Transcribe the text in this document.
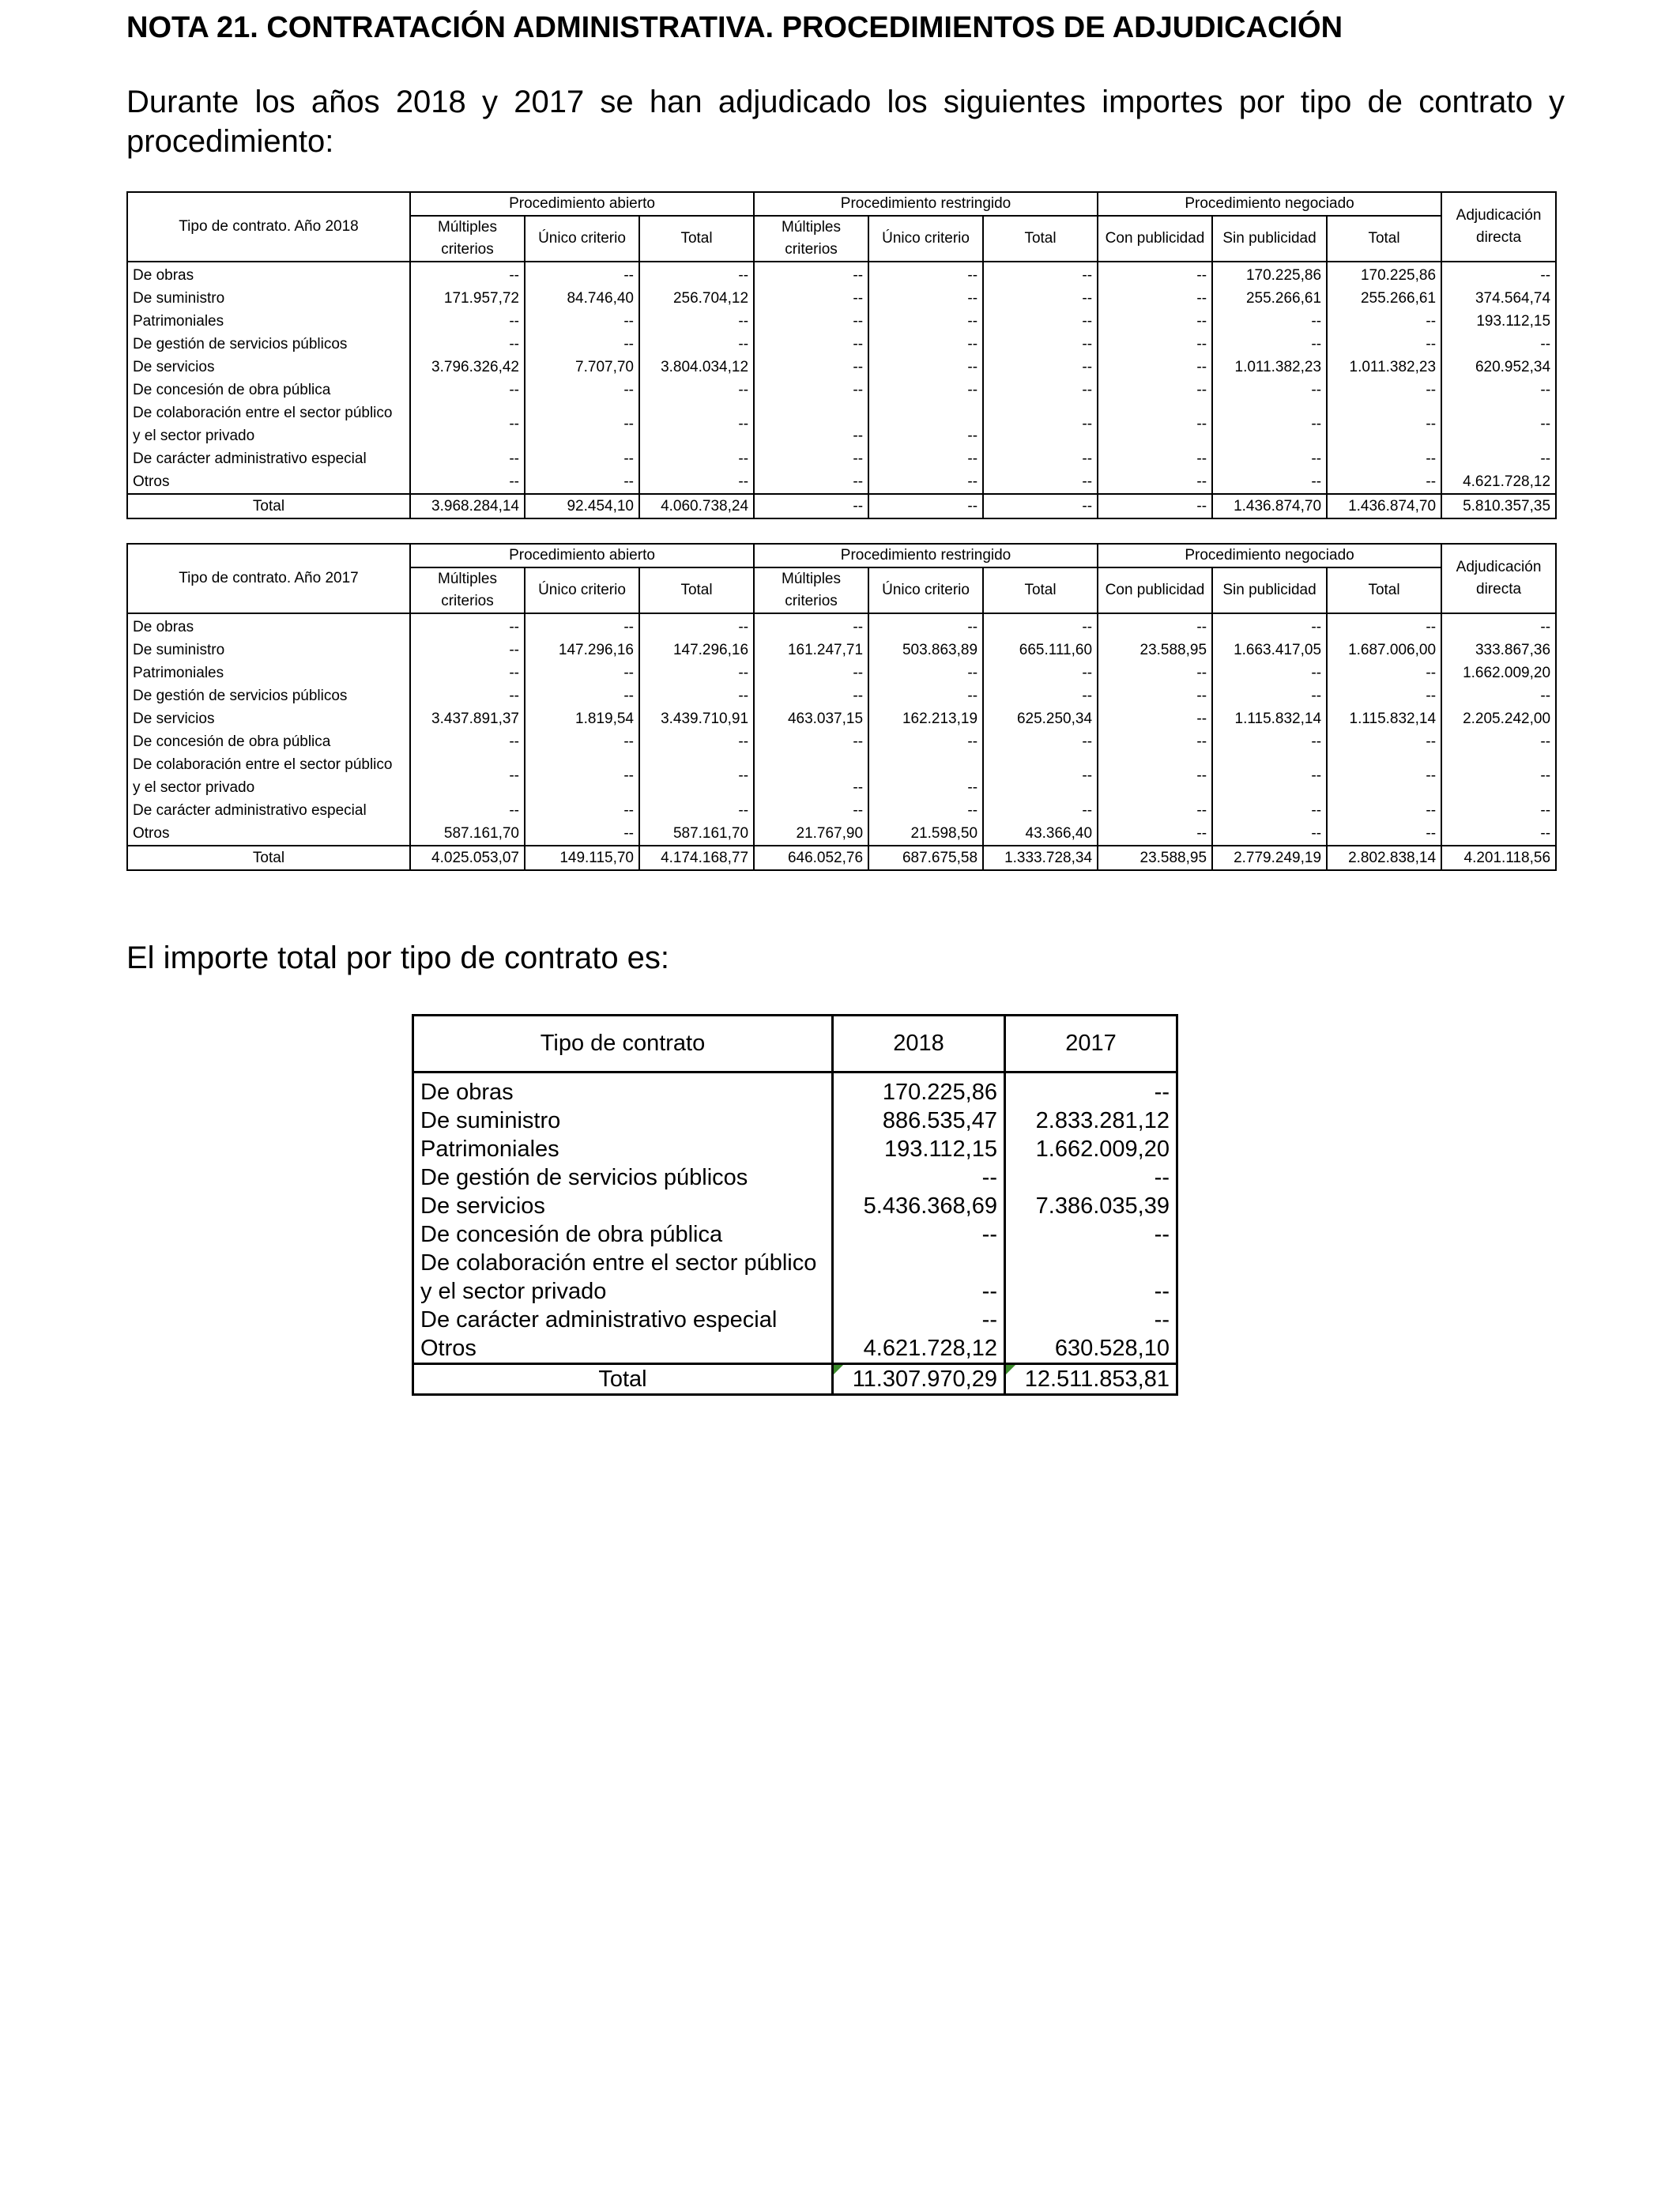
NOTA 21. CONTRATACIÓN ADMINISTRATIVA. PROCEDIMIENTOS DE ADJUDICACIÓN

Durante los años 2018 y 2017 se han adjudicado los siguientes importes por tipo de contrato y procedimiento:

Tipo de contrato. Año 2018	Procedimiento abierto			Procedimiento restringido			Procedimiento negociado			Adjudicación directa
	Múltiples criterios	Único criterio	Total	Múltiples criterios	Único criterio	Total	Con publicidad	Sin publicidad	Total	
De obras	--	--	--	--	--	--	--	170.225,86	170.225,86	--
De suministro	171.957,72	84.746,40	256.704,12	--	--	--	--	255.266,61	255.266,61	374.564,74
Patrimoniales	--	--	--	--	--	--	--	--	--	193.112,15
De gestión de servicios públicos	--	--	--	--	--	--	--	--	--	--
De servicios	3.796.326,42	7.707,70	3.804.034,12	--	--	--	--	1.011.382,23	1.011.382,23	620.952,34
De concesión de obra pública	--	--	--	--	--	--	--	--	--	--
De colaboración entre el sector público
y el sector privado	--	--	--	--	--	--	--	--	--	--
De carácter administrativo especial	--	--	--	--	--	--	--	--	--	--
Otros	--	--	--	--	--	--	--	--	--	4.621.728,12
Total	3.968.284,14	92.454,10	4.060.738,24	--	--	--	--	1.436.874,70	1.436.874,70	5.810.357,35
Tipo de contrato. Año 2017	Procedimiento abierto			Procedimiento restringido			Procedimiento negociado			Adjudicación directa
	Múltiples criterios	Único criterio	Total	Múltiples criterios	Único criterio	Total	Con publicidad	Sin publicidad	Total	
De obras	--	--	--	--	--	--	--	--	--	--
De suministro	--	147.296,16	147.296,16	161.247,71	503.863,89	665.111,60	23.588,95	1.663.417,05	1.687.006,00	333.867,36
Patrimoniales	--	--	--	--	--	--	--	--	--	1.662.009,20
De gestión de servicios públicos	--	--	--	--	--	--	--	--	--	--
De servicios	3.437.891,37	1.819,54	3.439.710,91	463.037,15	162.213,19	625.250,34	--	1.115.832,14	1.115.832,14	2.205.242,00
De concesión de obra pública	--	--	--	--	--	--	--	--	--	--
De colaboración entre el sector público
y el sector privado	--	--	--	--	--	--	--	--	--	--
De carácter administrativo especial	--	--	--	--	--	--	--	--	--	--
Otros	587.161,70	--	587.161,70	21.767,90	21.598,50	43.366,40	--	--	--	--
Total	4.025.053,07	149.115,70	4.174.168,77	646.052,76	687.675,58	1.333.728,34	23.588,95	2.779.249,19	2.802.838,14	4.201.118,56

El importe total por tipo de contrato es:

Tipo de contrato	2018	2017

De obras	170.225,86	--
De suministro	886.535,47	2.833.281,12
Patrimoniales	193.112,15	1.662.009,20
De gestión de servicios públicos	--	--
De servicios	5.436.368,69	7.386.035,39
De concesión de obra pública	--	--
De colaboración entre el sector público		
y el sector privado	--	--
De carácter administrativo especial	--	--
Otros	4.621.728,12	630.528,10
Total	11.307.970,29	12.511.853,81
